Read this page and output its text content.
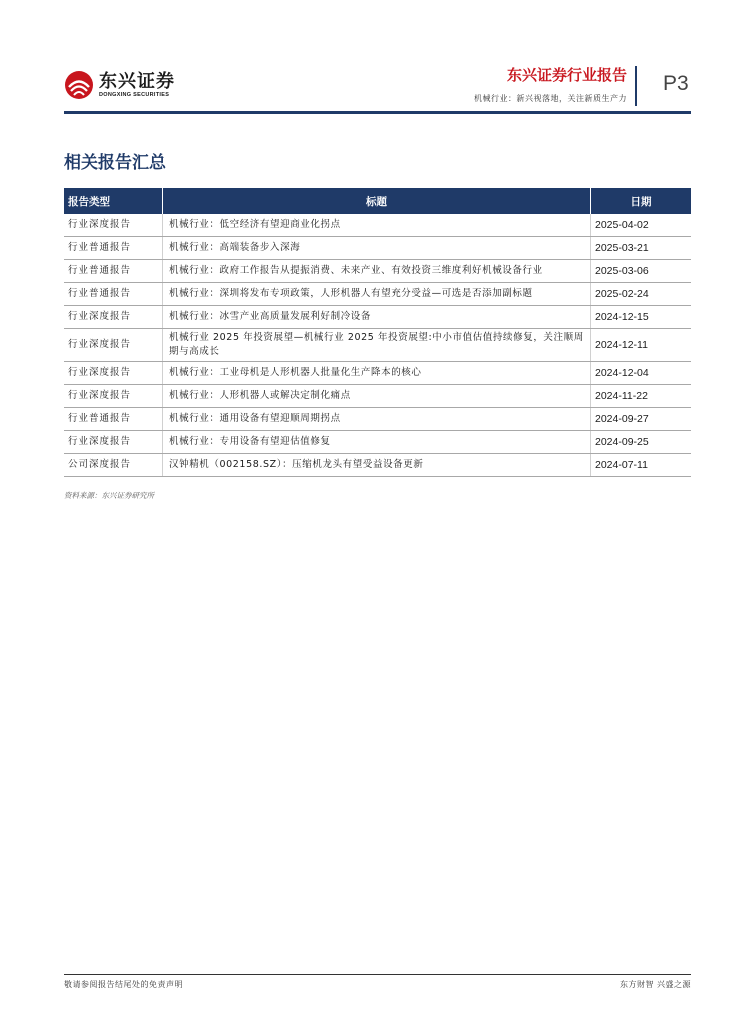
东兴证券
DONGXING SECURITIES
东兴证券行业报告
机械行业：新兴视落地，关注新质生产力
P3
相关报告汇总
报告类型	标题	日期
行业深度报告	机械行业：低空经济有望迎商业化拐点	2025-04-02
行业普通报告	机械行业：高端装备步入深海	2025-03-21
行业普通报告	机械行业：政府工作报告从提振消费、未来产业、有效投资三维度利好机械设备行业	2025-03-06
行业普通报告	机械行业：深圳将发布专项政策，人形机器人有望充分受益—可选是否添加副标题	2025-02-24
行业深度报告	机械行业：冰雪产业高质量发展利好制冷设备	2024-12-15
行业深度报告	机械行业 2025 年投资展望—机械行业 2025 年投资展望:中小市值估值持续修复，关注顺周期与高成长	2024-12-11
行业深度报告	机械行业：工业母机是人形机器人批量化生产降本的核心	2024-12-04
行业深度报告	机械行业：人形机器人或解决定制化痛点	2024-11-22
行业普通报告	机械行业：通用设备有望迎顺周期拐点	2024-09-27
行业深度报告	机械行业：专用设备有望迎估值修复	2024-09-25
公司深度报告	汉钟精机（002158.SZ）：压缩机龙头有望受益设备更新	2024-07-11
资料来源：东兴证券研究所
敬请参阅报告结尾处的免责声明	东方财智 兴盛之源
